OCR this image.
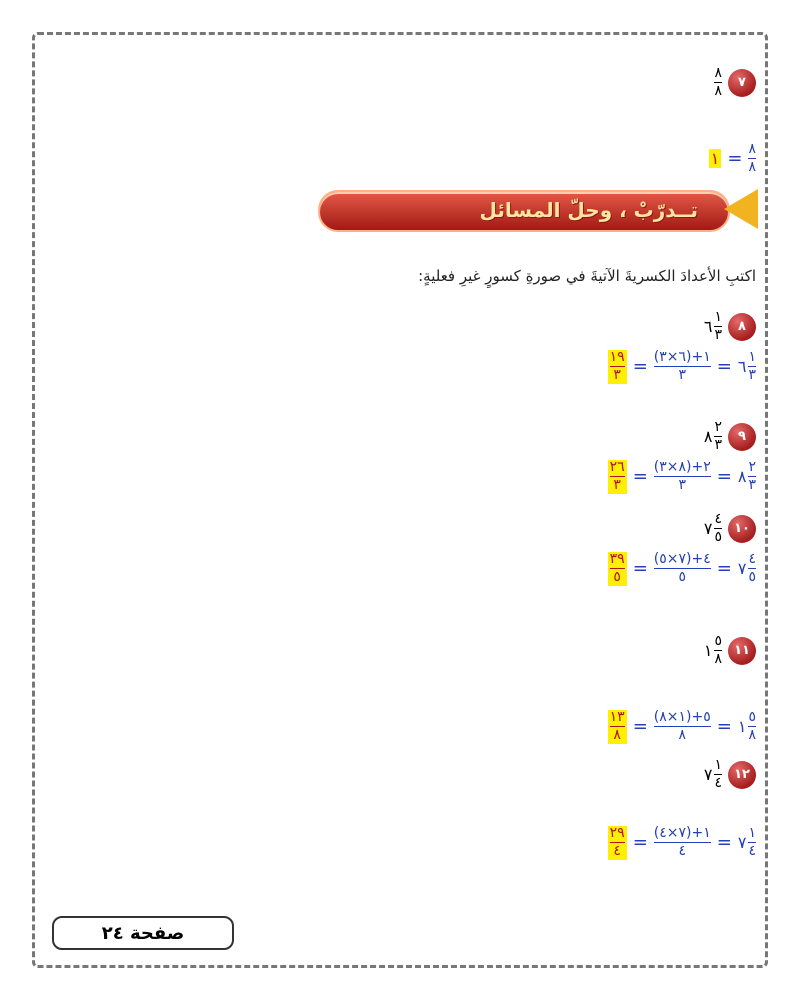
$\frac{٨}{٨}$	٧
١ = $\frac{٨}{٨}$
تــدرّبْ ، وحلّ المسائل
اكتبِ الأعدادَ الكسريةَ الآتيةَ في صورةِ كسورٍ غيرِ فعليةٍ:
٦ $\frac{١}{٣}$	٨
$\frac{١٩}{٣} = \frac{(٦\times ٣)+١}{٣}$ = ٦ $\frac{١}{٣}$
٨ $\frac{٢}{٣}$	٩
$\frac{٢٦}{٣} = \frac{(٨\times ٣)+٢}{٣}$ = ٨ $\frac{٢}{٣}$
٧ $\frac{٤}{٥}$ ١٠
$\frac{٣٩}{٥} = \frac{(٧\times ٥)+٤}{٥}$ = ٧ $\frac{٤}{٥}$
١ $\frac{٥}{٨}$ ١١
$\frac{١٣}{٨} = \frac{(١\times ٨)+٥}{٨}$ = ١ $\frac{٥}{٨}$
٧ $\frac{١}{٤}$ ١٢
$\frac{٢٩}{٤} = \frac{(٧\times ٤)+١}{٤}$ = ٧ $\frac{١}{٤}$
صفحة ٢٤
